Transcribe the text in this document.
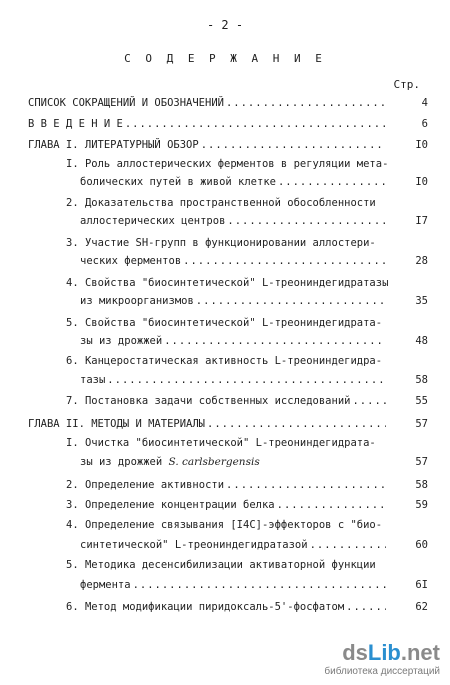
- 2 -
С О Д Е Р Ж А Н И Е
Стр.
СПИСОК СОКРАЩЕНИЙ И ОБОЗНАЧЕНИЙ .....	4
В В Е Д Е Н И Е .....	6
ГЛАВА I. ЛИТЕРАТУРНЫЙ ОБЗОР .....	I0
I. Роль аллостерических ферментов в регуляции мета-
болических путей в живой клетке .....	I0
2. Доказательства пространственной обособленности
аллостерических центров .....	I7
3. Участие SH-групп в функционировании аллостери-
ческих ферментов .....	28
4. Свойства "биосинтетической" L-треониндегидратазы
из микроорганизмов .....	35
5. Свойства "биосинтетической" L-треониндегидрата-
зы из дрожжей .....	48
6. Канцеростатическая активность L-треониндегидра-
тазы .....	58
7. Постановка задачи собственных исследований .....	55
ГЛАВА II. МЕТОДЫ И МАТЕРИАЛЫ .....	57
I. Очистка "биосинтетической" L-треониндегидрата-
зы из дрожжей S. carlsbergensis	57
2. Определение активности .....	58
3. Определение концентрации белка .....	59
4. Определение связывания [I4C]-эффекторов с "био-
синтетической" L-треониндегидратазой .....	60
5. Методика десенсибилизации активаторной функции
фермента .....	6I
6. Метод модификации пиридоксаль-5'-фосфатом .....	62
dsLib.net
библиотека диссертаций
